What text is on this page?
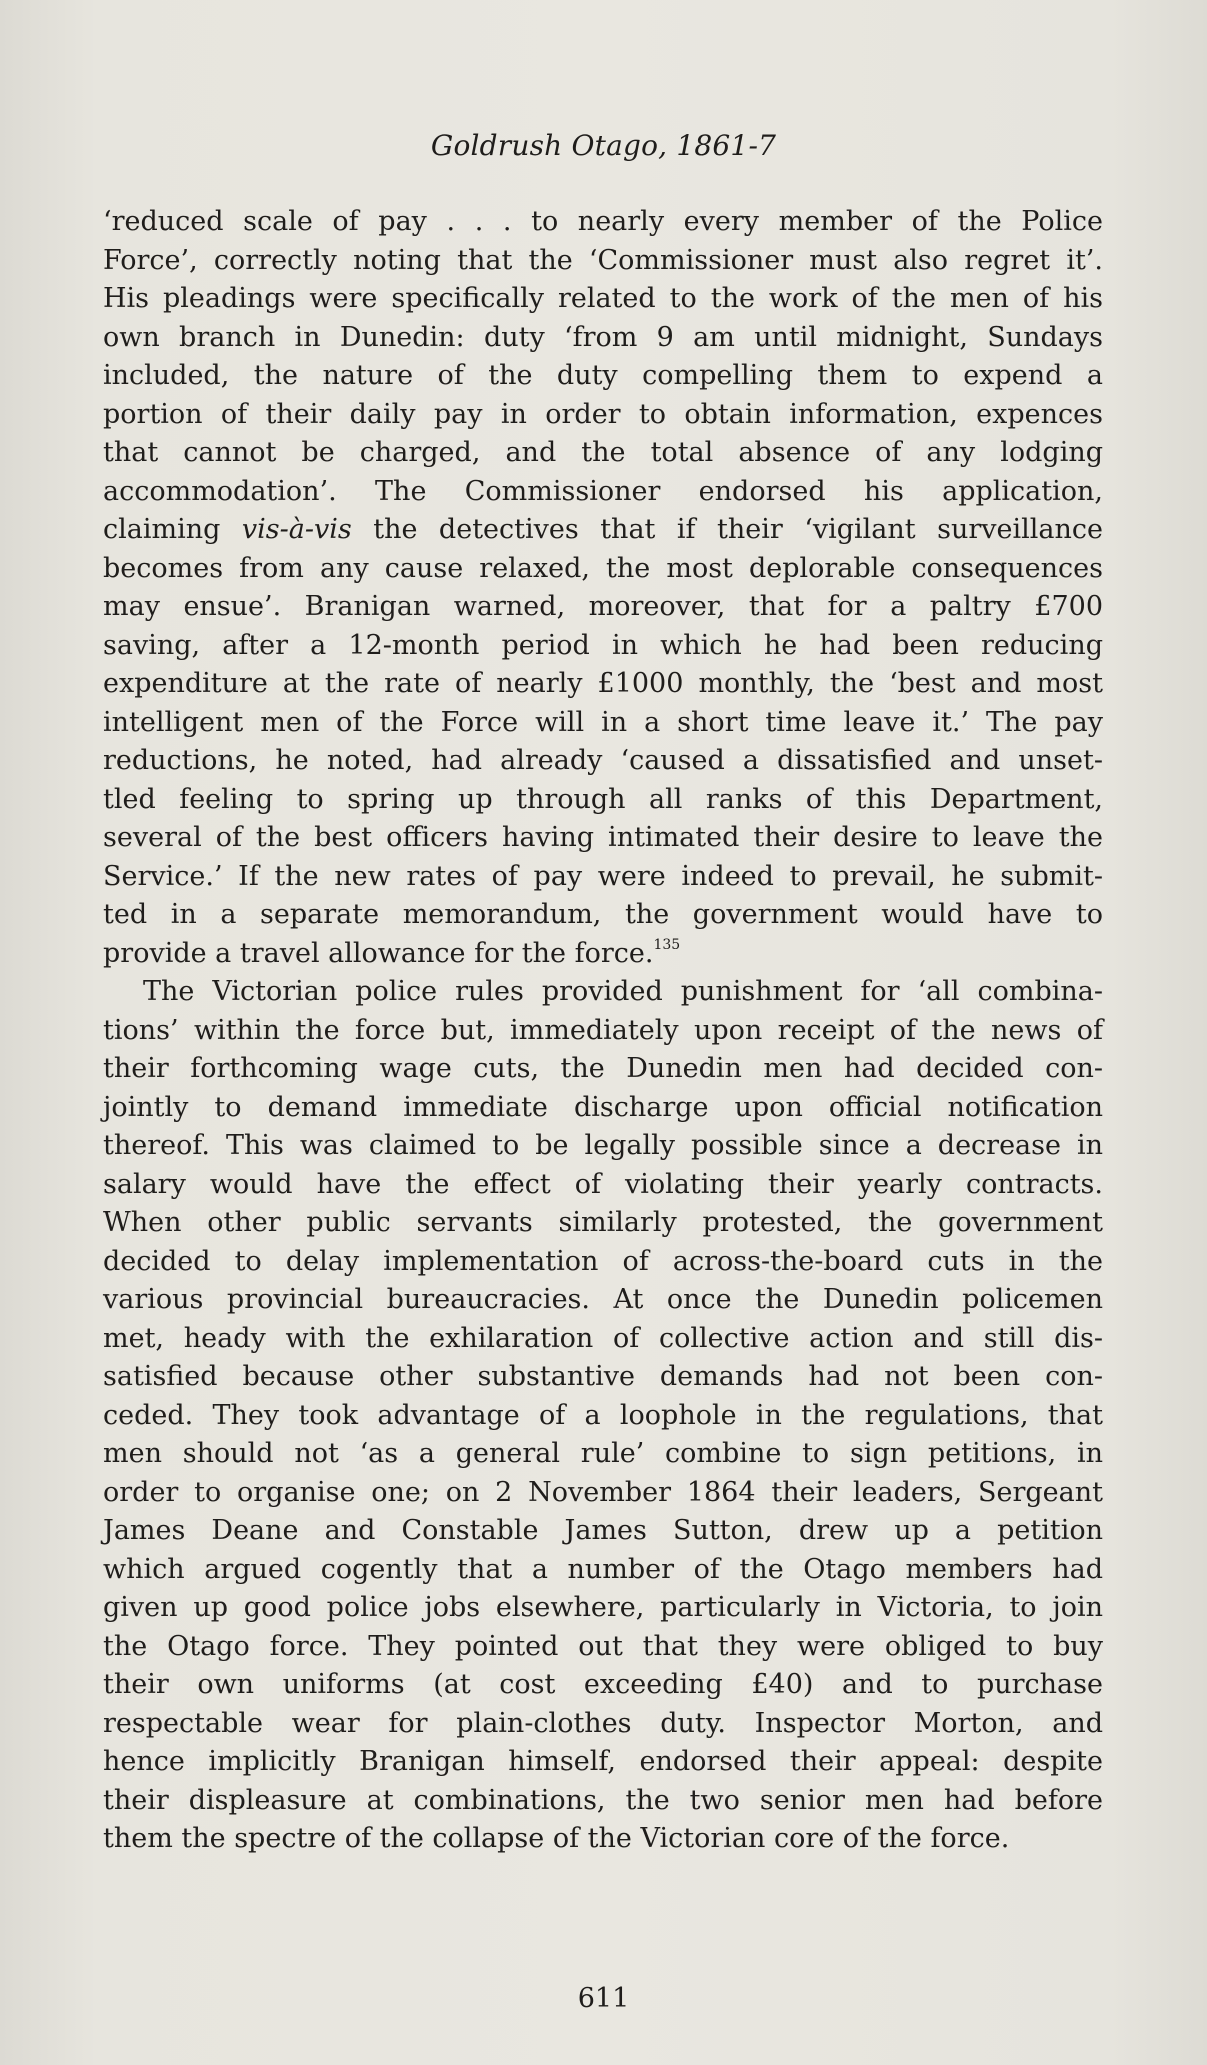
Goldrush Otago, 1861-7
‘reduced scale of pay . . . to nearly every member of the Police
Force’, correctly noting that the ‘Commissioner must also regret it’.
His pleadings were specifically related to the work of the men of his
own branch in Dunedin: duty ‘from 9 am until midnight, Sundays
included, the nature of the duty compelling them to expend a
portion of their daily pay in order to obtain information, expences
that cannot be charged, and the total absence of any lodging
accommodation’. The Commissioner endorsed his application,
claiming vis-à-vis the detectives that if their ‘vigilant surveillance
becomes from any cause relaxed, the most deplorable consequences
may ensue’. Branigan warned, moreover, that for a paltry £700
saving, after a 12-month period in which he had been reducing
expenditure at the rate of nearly £1000 monthly, the ‘best and most
intelligent men of the Force will in a short time leave it.’ The pay
reductions, he noted, had already ‘caused a dissatisfied and unset-
tled feeling to spring up through all ranks of this Department,
several of the best officers having intimated their desire to leave the
Service.’ If the new rates of pay were indeed to prevail, he submit-
ted in a separate memorandum, the government would have to
provide a travel allowance for the force.$^{135}$
The Victorian police rules provided punishment for ‘all combina-
tions’ within the force but, immediately upon receipt of the news of
their forthcoming wage cuts, the Dunedin men had decided con-
jointly to demand immediate discharge upon official notification
thereof. This was claimed to be legally possible since a decrease in
salary would have the effect of violating their yearly contracts.
When other public servants similarly protested, the government
decided to delay implementation of across-the-board cuts in the
various provincial bureaucracies. At once the Dunedin policemen
met, heady with the exhilaration of collective action and still dis-
satisfied because other substantive demands had not been con-
ceded. They took advantage of a loophole in the regulations, that
men should not ‘as a general rule’ combine to sign petitions, in
order to organise one; on 2 November 1864 their leaders, Sergeant
James Deane and Constable James Sutton, drew up a petition
which argued cogently that a number of the Otago members had
given up good police jobs elsewhere, particularly in Victoria, to join
the Otago force. They pointed out that they were obliged to buy
their own uniforms (at cost exceeding £40) and to purchase
respectable wear for plain-clothes duty. Inspector Morton, and
hence implicitly Branigan himself, endorsed their appeal: despite
their displeasure at combinations, the two senior men had before
them the spectre of the collapse of the Victorian core of the force.
611
